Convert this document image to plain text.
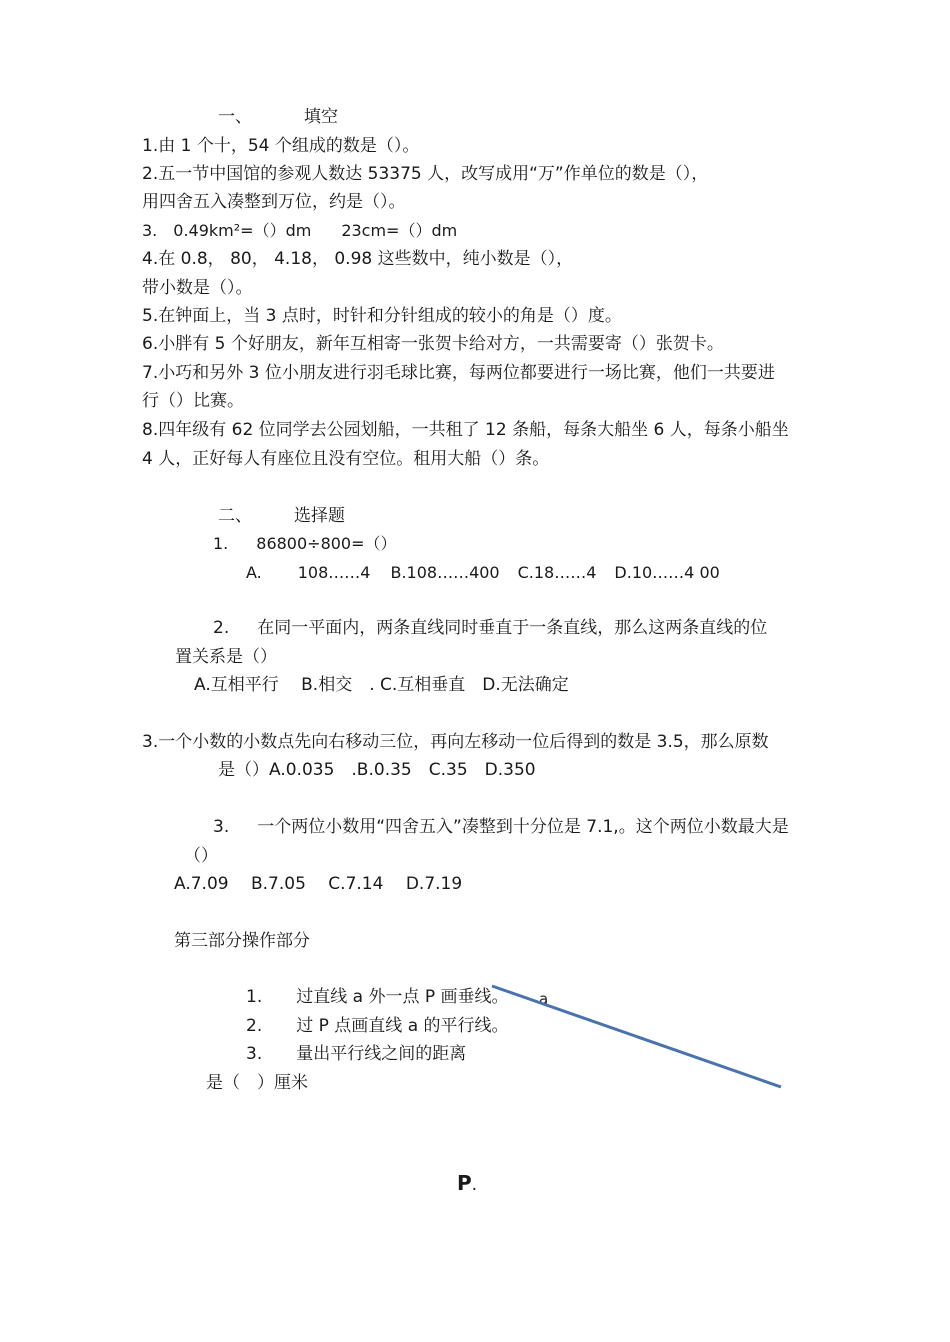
一、	填空
1.由 1 个十，54 个组成的数是（）。
2.五一节中国馆的参观人数达 53375 人，改写成用“万”作单位的数是（），
用四舍五入凑整到万位，约是（）。
3.　0.49km²=（）dm 23cm=（）dm
4.在 0.8， 80， 4.18， 0.98 这些数中，纯小数是（），
带小数是（）。
5.在钟面上，当 3 点时，时针和分针组成的较小的角是（）度。
6.小胖有 5 个好朋友，新年互相寄一张贺卡给对方，一共需要寄（）张贺卡。
7.小巧和另外 3 位小朋友进行羽毛球比赛，每两位都要进行一场比赛，他们一共要进
行（）比赛。
8.四年级有 62 位同学去公园划船，一共租了 12 条船，每条大船坐 6 人，每条小船坐
4 人，正好每人有座位且没有空位。租用大船（）条。
二、 选择题
1. 86800÷800=（）
A. 108……4 B.108……400 C.18……4 D.10……4 00
2. 在同一平面内，两条直线同时垂直于一条直线，那么这两条直线的位
置关系是（）
A.互相平行　 B.相交　. C.互相垂直　D.无法确定
3.一个小数的小数点先向右移动三位，再向左移动一位后得到的数是 3.5，那么原数
是（）A.0.035　.B.0.35　C.35　D.350
3. 一个两位小数用“四舍五入”凑整到十分位是 7.1,。这个两位小数最大是
（）
A.7.09　 B.7.05　 C.7.14　 D.7.19
第三部分操作部分
1. 过直线 a 外一点 P 画垂线。 a
2. 过 P 点画直线 a 的平行线。
3. 量出平行线之间的距离
是（　）厘米
P.
